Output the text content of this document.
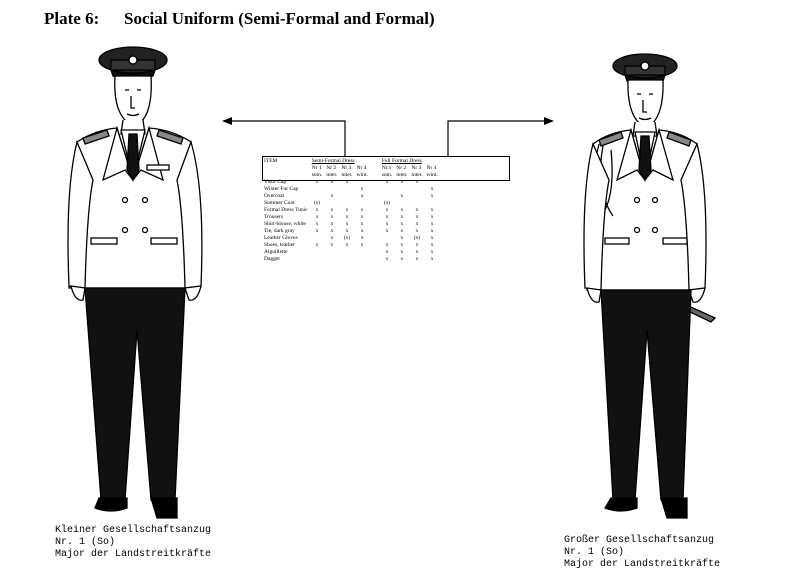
Plate 6: Social Uniform (Semi-Formal and Formal)
ITEM	Semi-Formal Dress				Full Formal Dress			
	Nr 1	Nr 2	Nr 3	Nr 4	Nr.1	Nr 2	Nr 3	Nr 4
	sum.	inter.	inter.	wint.	sum.	inter.	inter.	wint.
Visor Cap	x	x	x		x	x	x	
Winter Fur Cap				x				x
Overcoat		x		x		x		x
Summer Coat	(x)				(x)			
Formal Dress Tunic	x	x	x	x	x	x	x	x
Trousers	x	x	x	x	x	x	x	x
Shirt-blouse, white	x	x	x	x	x	x	x	x
Tie, dark gray	x	x	x	x	x	x	x	x
Leather Gloves		x	(x)	x		x	(x)	x
Shoes, leather	x	x	x	x	x	x	x	x
Aiguillette					x	x	x	x
Dagger					x	x	x	x
Kleiner Gesellschaftsanzug
Nr. 1 (So)
Major der Landstreitkräfte
Großer Gesellschaftsanzug
Nr. 1 (So)
Major der Landstreitkräfte
